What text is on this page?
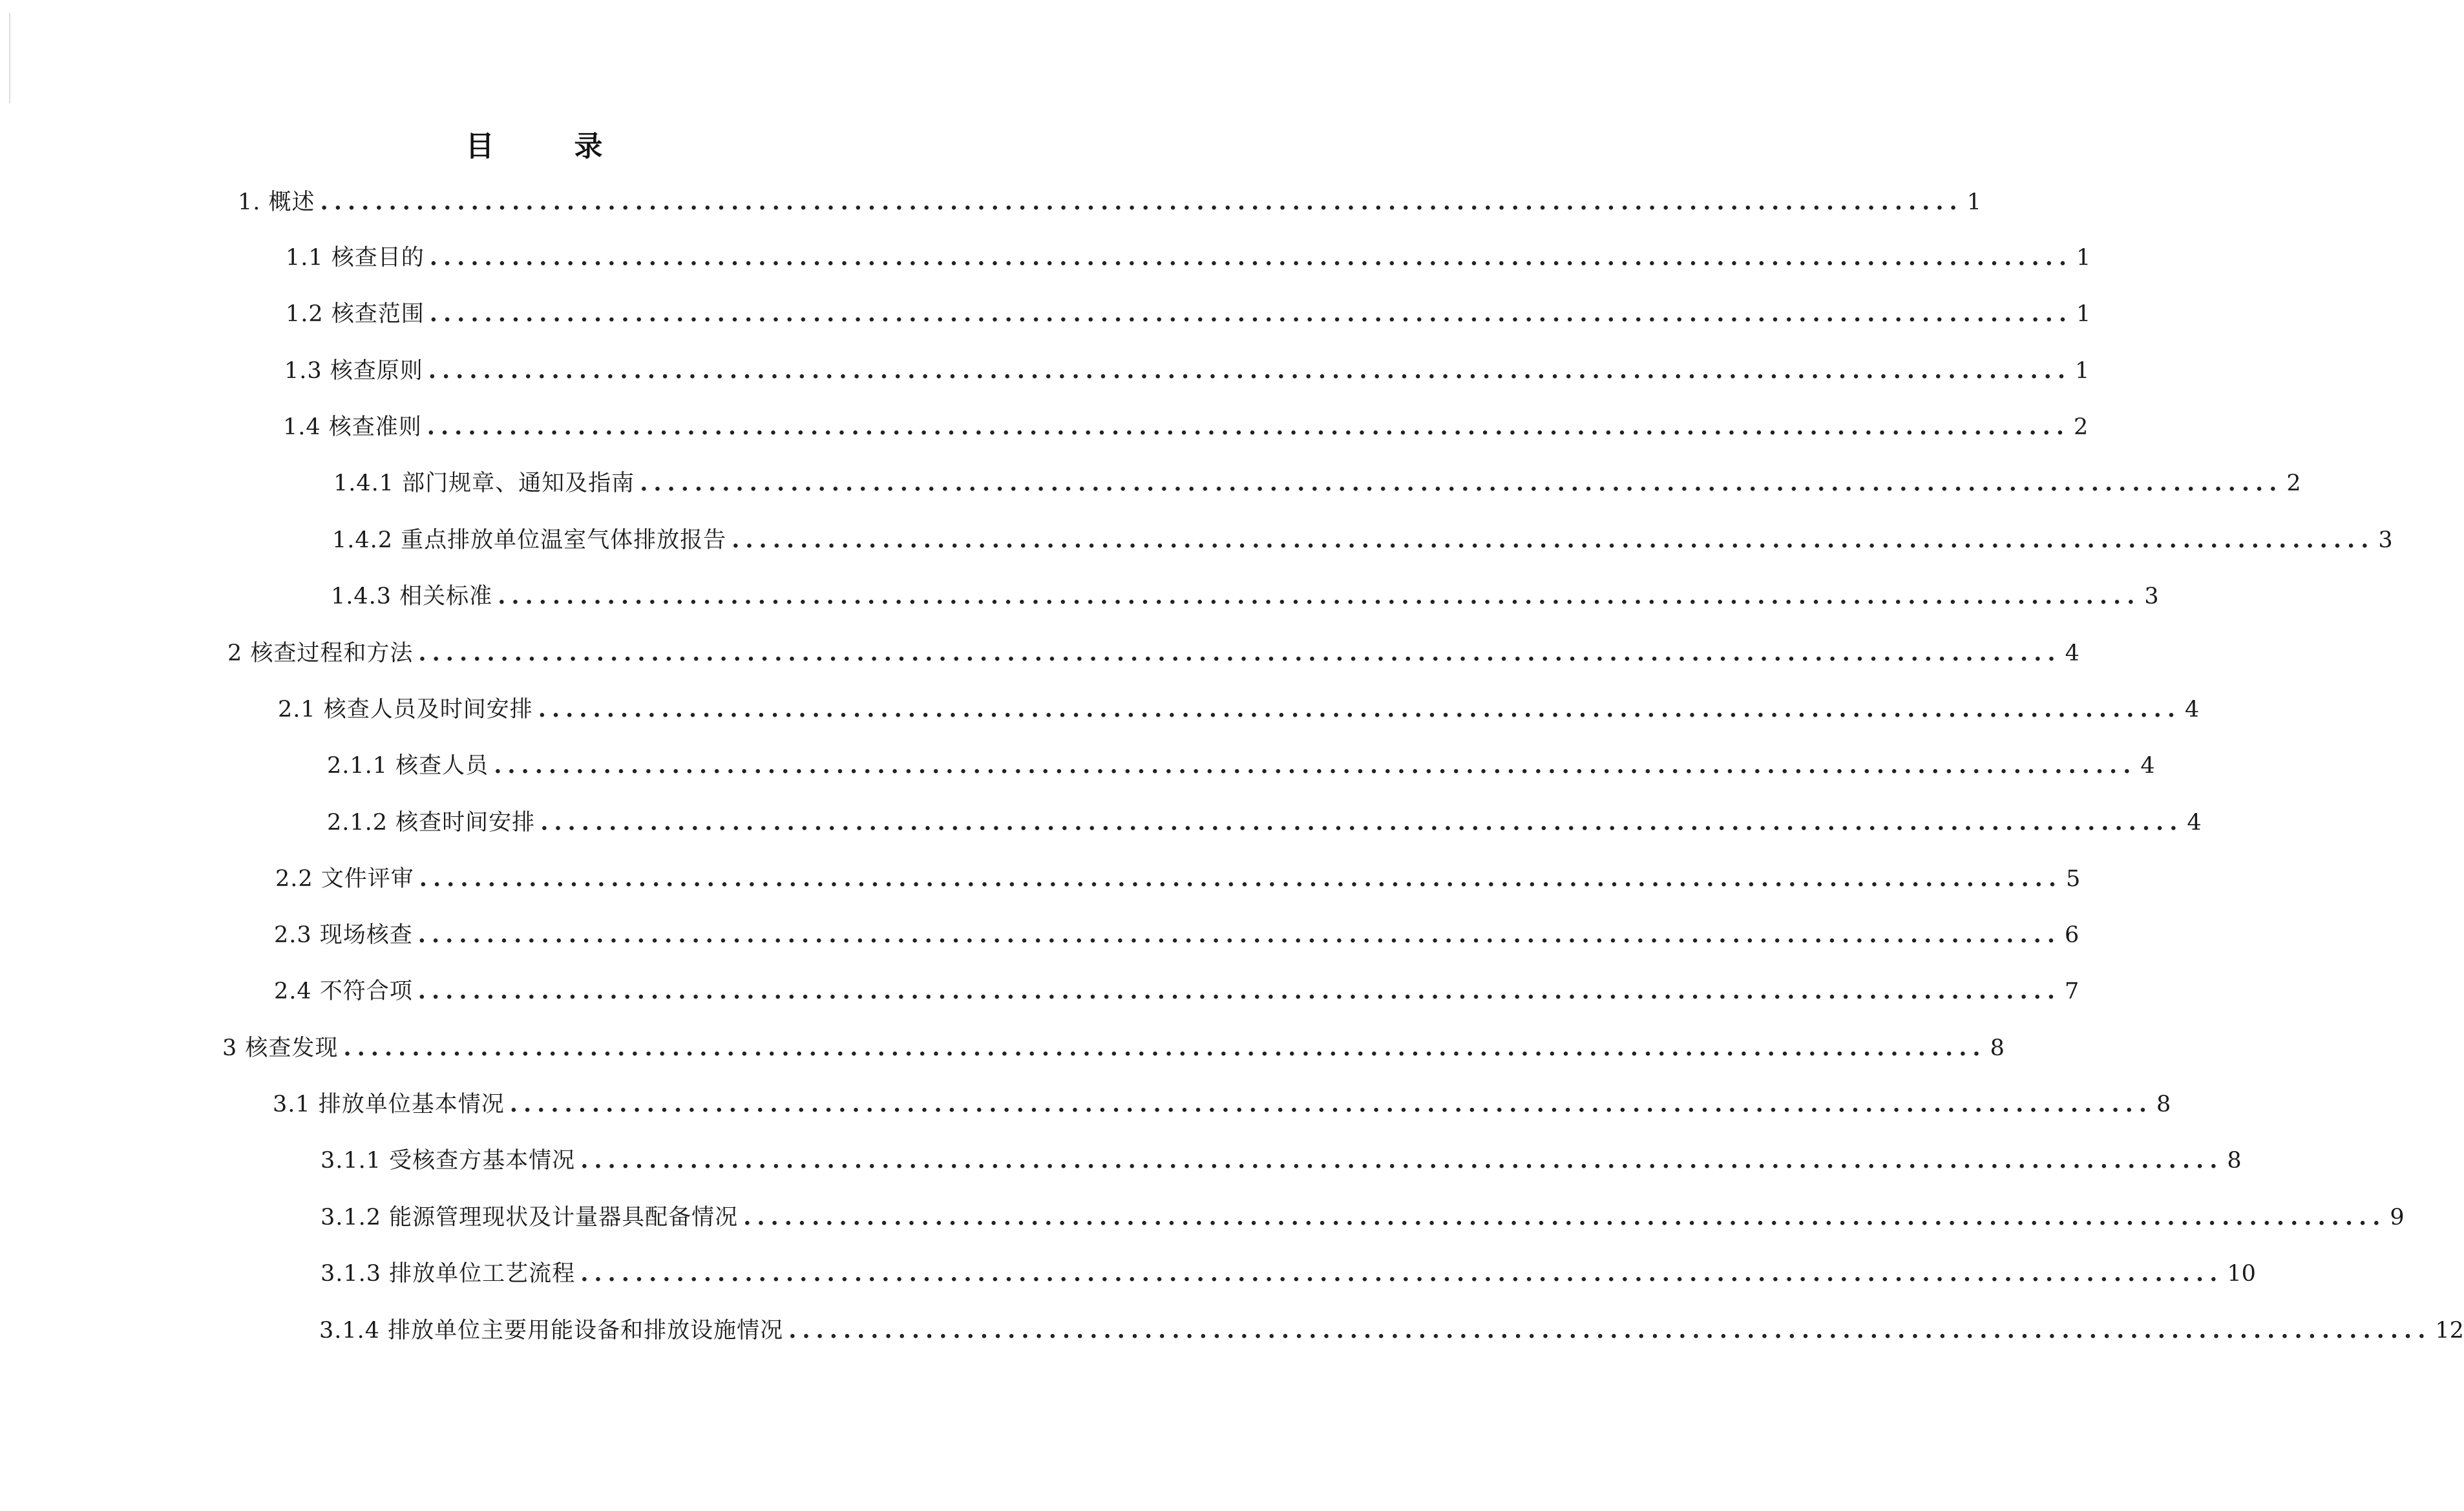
目　录
1. 概述 ........................................................................................................................ 1
1.1 核查目的 ........................................................................................................................ 1
1.2 核查范围 ........................................................................................................................ 1
1.3 核查原则 ........................................................................................................................ 1
1.4 核查准则 ........................................................................................................................ 2
1.4.1 部门规章、通知及指南 ........................................................................................................................ 2
1.4.2 重点排放单位温室气体排放报告 ........................................................................................................................ 3
1.4.3 相关标准 ........................................................................................................................ 3
2 核查过程和方法 ........................................................................................................................ 4
2.1 核查人员及时间安排 ........................................................................................................................ 4
2.1.1 核查人员 ........................................................................................................................ 4
2.1.2 核查时间安排 ........................................................................................................................ 4
2.2 文件评审 ........................................................................................................................ 5
2.3 现场核查 ........................................................................................................................ 6
2.4 不符合项 ........................................................................................................................ 7
3 核查发现 ........................................................................................................................ 8
3.1 排放单位基本情况 ........................................................................................................................ 8
3.1.1 受核查方基本情况 ........................................................................................................................ 8
3.1.2 能源管理现状及计量器具配备情况 ........................................................................................................................ 9
3.1.3 排放单位工艺流程 ........................................................................................................................ 10
3.1.4 排放单位主要用能设备和排放设施情况 ........................................................................................................................ 12
